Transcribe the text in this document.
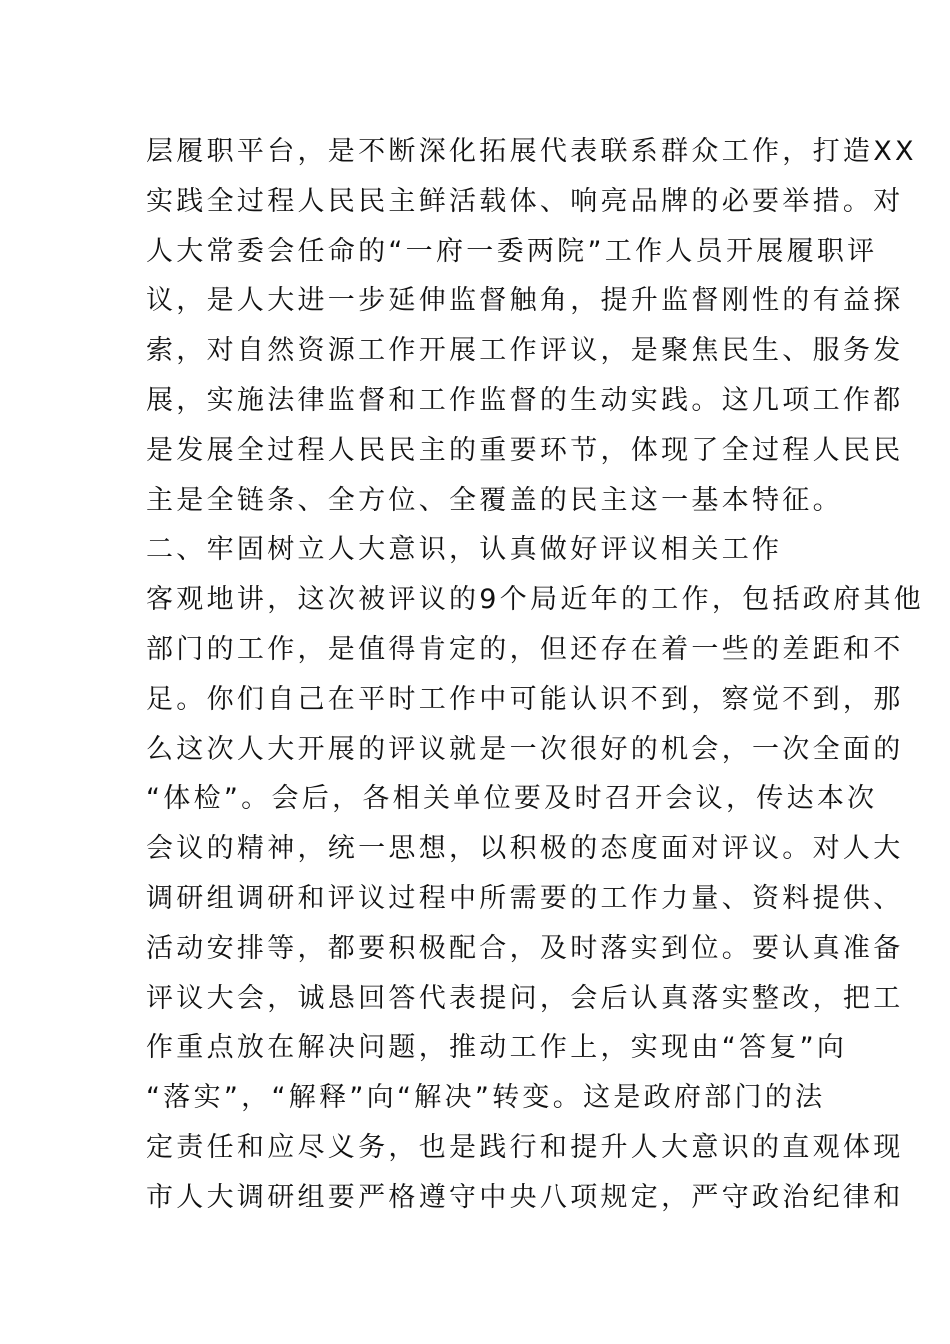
层履职平台，是不断深化拓展代表联系群众工作，打造XX
实践全过程人民民主鲜活载体、响亮品牌的必要举措。对
人大常委会任命的“一府一委两院”工作人员开展履职评
议，是人大进一步延伸监督触角，提升监督刚性的有益探
索，对自然资源工作开展工作评议，是聚焦民生、服务发
展，实施法律监督和工作监督的生动实践。这几项工作都
是发展全过程人民民主的重要环节，体现了全过程人民民
主是全链条、全方位、全覆盖的民主这一基本特征。
二、牢固树立人大意识，认真做好评议相关工作
客观地讲，这次被评议的9个局近年的工作，包括政府其他
部门的工作，是值得肯定的，但还存在着一些的差距和不
足。你们自己在平时工作中可能认识不到，察觉不到，那
么这次人大开展的评议就是一次很好的机会，一次全面的
“体检”。会后，各相关单位要及时召开会议，传达本次
会议的精神，统一思想，以积极的态度面对评议。对人大
调研组调研和评议过程中所需要的工作力量、资料提供、
活动安排等，都要积极配合，及时落实到位。要认真准备
评议大会，诚恳回答代表提问，会后认真落实整改，把工
作重点放在解决问题，推动工作上，实现由“答复”向
“落实”，“解释”向“解决”转变。这是政府部门的法
定责任和应尽义务，也是践行和提升人大意识的直观体现
市人大调研组要严格遵守中央八项规定，严守政治纪律和
